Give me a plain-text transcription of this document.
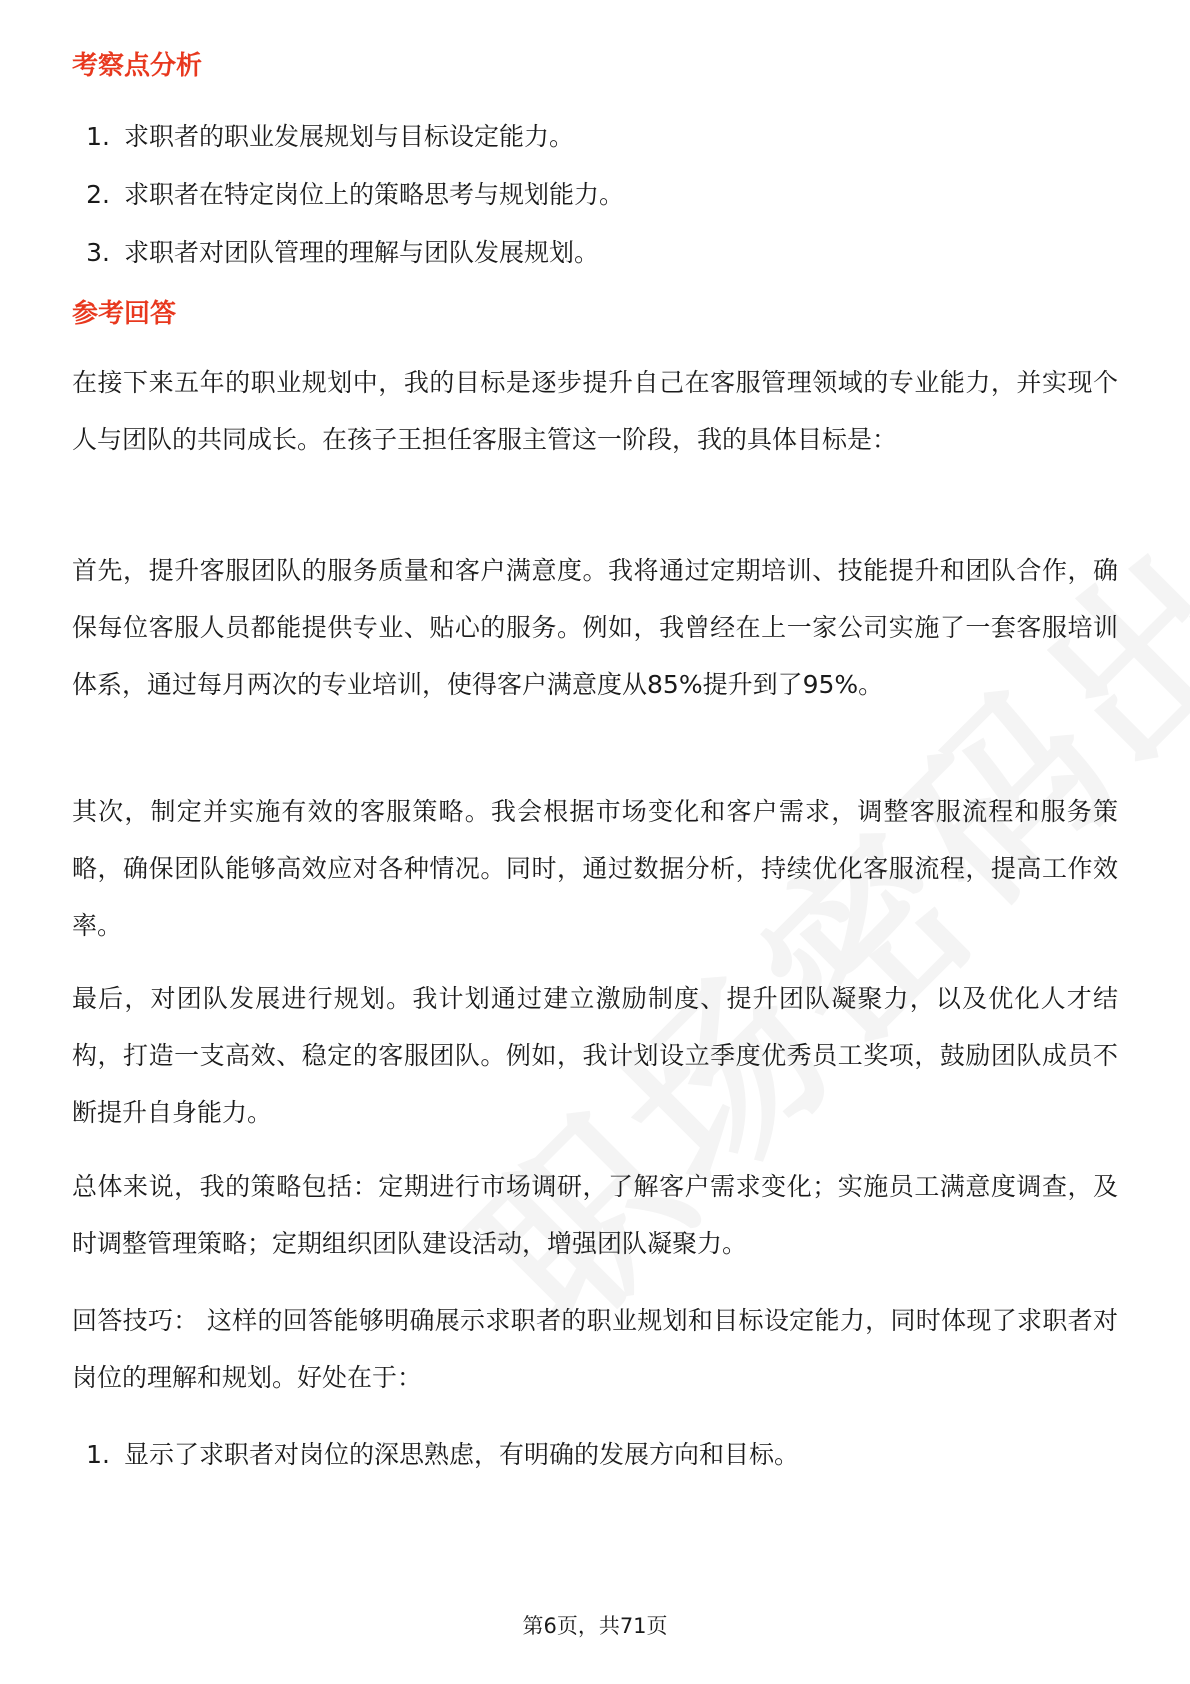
考察点分析
1. 求职者的职业发展规划与目标设定能力。
2. 求职者在特定岗位上的策略思考与规划能力。
3. 求职者对团队管理的理解与团队发展规划。
参考回答

在接下来五年的职业规划中，我的目标是逐步提升自己在客服管理领域的专业能力，并实现个人与团队的共同成长。在孩子王担任客服主管这一阶段，我的具体目标是：

首先，提升客服团队的服务质量和客户满意度。我将通过定期培训、技能提升和团队合作，确保每位客服人员都能提供专业、贴心的服务。例如，我曾经在上一家公司实施了一套客服培训体系，通过每月两次的专业培训，使得客户满意度从85%提升到了95%。

其次，制定并实施有效的客服策略。我会根据市场变化和客户需求，调整客服流程和服务策略，确保团队能够高效应对各种情况。同时，通过数据分析，持续优化客服流程，提高工作效率。

最后，对团队发展进行规划。我计划通过建立激励制度、提升团队凝聚力，以及优化人才结构，打造一支高效、稳定的客服团队。例如，我计划设立季度优秀员工奖项，鼓励团队成员不断提升自身能力。

总体来说，我的策略包括：定期进行市场调研，了解客户需求变化；实施员工满意度调查，及时调整管理策略；定期组织团队建设活动，增强团队凝聚力。

回答技巧： 这样的回答能够明确展示求职者的职业规划和目标设定能力，同时体现了求职者对岗位的理解和规划。好处在于：

1. 显示了求职者对岗位的深思熟虑，有明确的发展方向和目标。
第6页，共71页
